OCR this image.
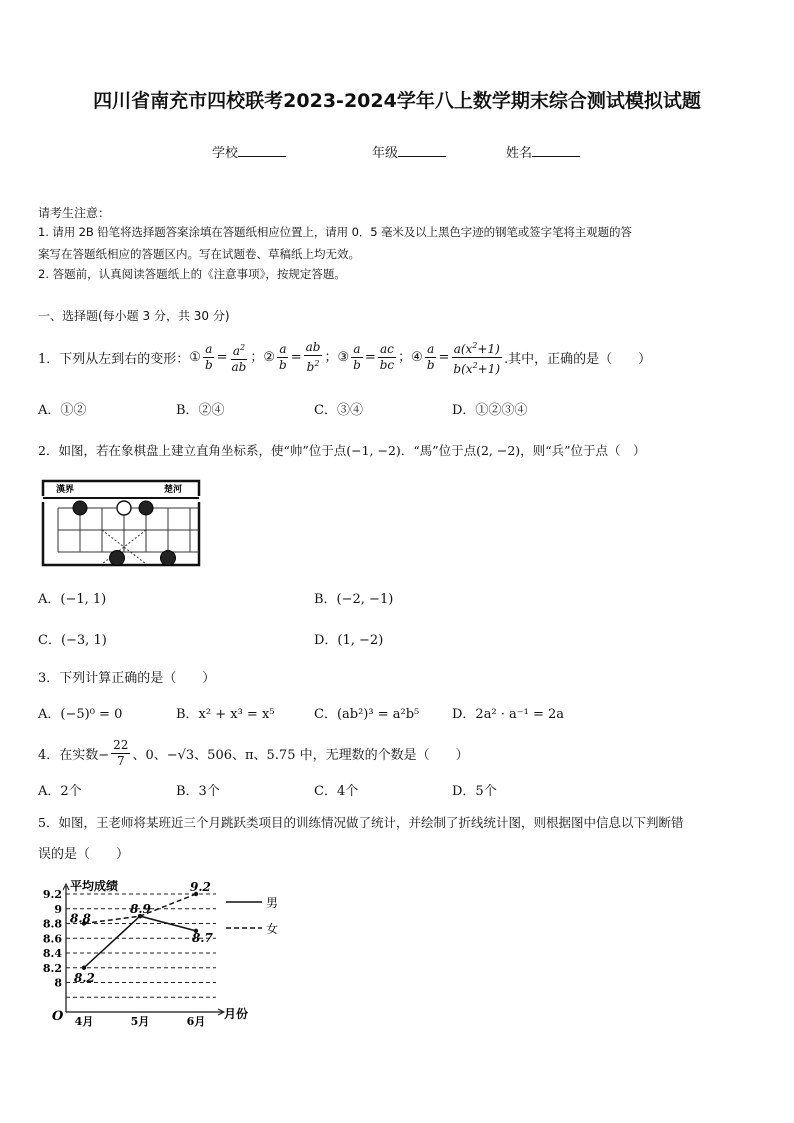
四川省南充市四校联考2023-2024学年八上数学期末综合测试模拟试题
学校	年级	姓名
请考生注意：
1. 请用 2B 铅笔将选择题答案涂填在答题纸相应位置上，请用 0．5 毫米及以上黑色字迹的钢笔或签字笔将主观题的答
案写在答题纸相应的答题区内。写在试题卷、草稿纸上均无效。
2. 答题前，认真阅读答题纸上的《注意事项》，按规定答题。
一、选择题(每小题 3 分，共 30 分)
1．下列从左到右的变形： ① $\frac{a}{b} = \frac{a^2}{ab}$ ； ② $\frac{a}{b} = \frac{ab}{b^2}$ ； ③ $\frac{a}{b} = \frac{ac}{bc}$ ； ④ $\frac{a}{b} = \frac{a(x^2+1)}{b(x^2+1)}$ .其中，正确的是（　　）
A．①②	B．②④	C．③④	D．①②③④
2．如图，若在象棋盘上建立直角坐标系，使“帅”位于点(−1, −2)．“馬”位于点(2, −2)，则“兵”位于点（　）
漢界	楚河
A．(−1, 1)	B．(−2, −1)
C．(−3, 1)	D．(1, −2)
3．下列计算正确的是（　　）
A．(−5)⁰ = 0	B．x² + x³ = x⁵	C．(ab²)³ = a²b⁵	D．2a² · a⁻¹ = 2a
4．在实数− $\frac{22}{7}$ 、0、−√3、506、π、5.75 中，无理数的个数是（　　）
A．2个	B．3个	C．4个	D．5个
5．如图，王老师将某班近三个月跳跃类项目的训练情况做了统计，并绘制了折线统计图，则根据图中信息以下判断错
误的是（　　）
8
8.2
8.4
8.6
8.8
9
9.2
4月	5月	6月
平均成绩
月份
O
8.2
8.9
8.7
8.8
9.2
男
女
